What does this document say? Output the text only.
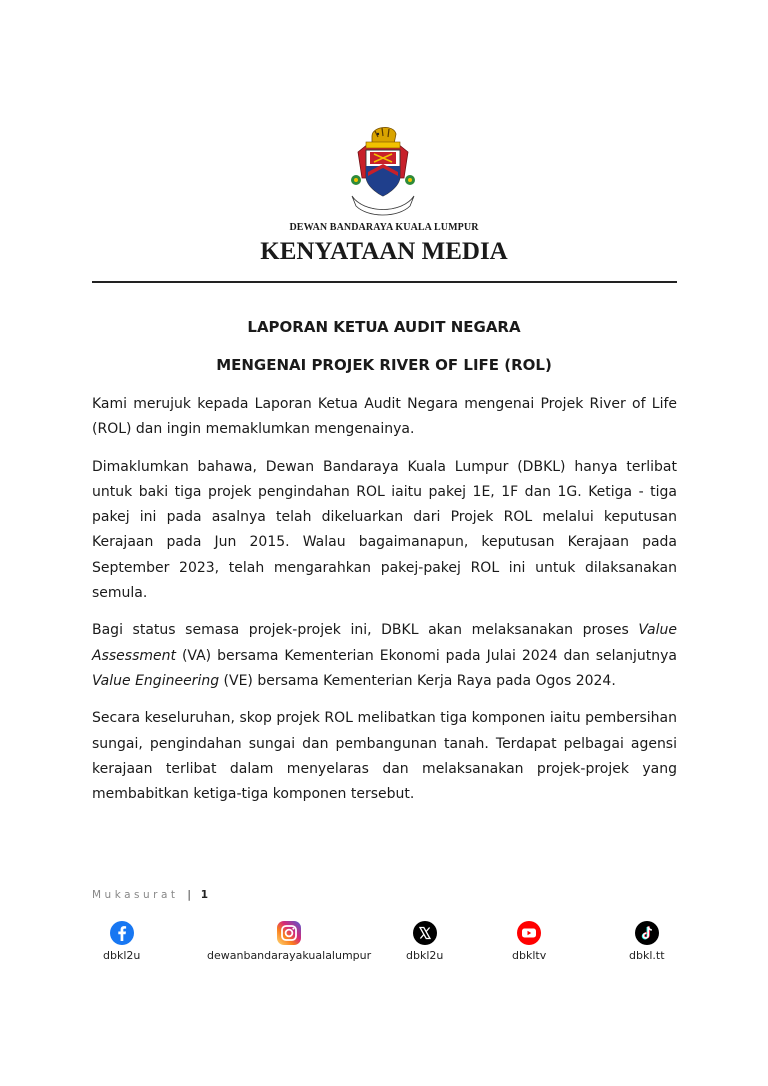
DEWAN BANDARAYA KUALA LUMPUR
KENYATAAN MEDIA
LAPORAN KETUA AUDIT NEGARA
MENGENAI PROJEK RIVER OF LIFE (ROL)

Kami merujuk kepada Laporan Ketua Audit Negara mengenai Projek River of Life (ROL) dan ingin memaklumkan mengenainya.

Dimaklumkan bahawa, Dewan Bandaraya Kuala Lumpur (DBKL) hanya terlibat untuk baki tiga projek pengindahan ROL iaitu pakej 1E, 1F dan 1G. Ketiga - tiga pakej ini pada asalnya telah dikeluarkan dari Projek ROL melalui keputusan Kerajaan pada Jun 2015. Walau bagaimanapun, keputusan Kerajaan pada September 2023, telah mengarahkan pakej-pakej ROL ini untuk dilaksanakan semula.

Bagi status semasa projek-projek ini, DBKL akan melaksanakan proses Value Assessment (VA) bersama Kementerian Ekonomi pada Julai 2024 dan selanjutnya Value Engineering (VE) bersama Kementerian Kerja Raya pada Ogos 2024.

Secara keseluruhan, skop projek ROL melibatkan tiga komponen iaitu pembersihan sungai, pengindahan sungai dan pembangunan tanah. Terdapat pelbagai agensi kerajaan terlibat dalam menyelaras dan melaksanakan projek-projek yang membabitkan ketiga-tiga komponen tersebut.

Mukasurat | 1
dbkl2u	dewanbandarayakualalumpur	dbkl2u	dbkltv	dbkl.tt
